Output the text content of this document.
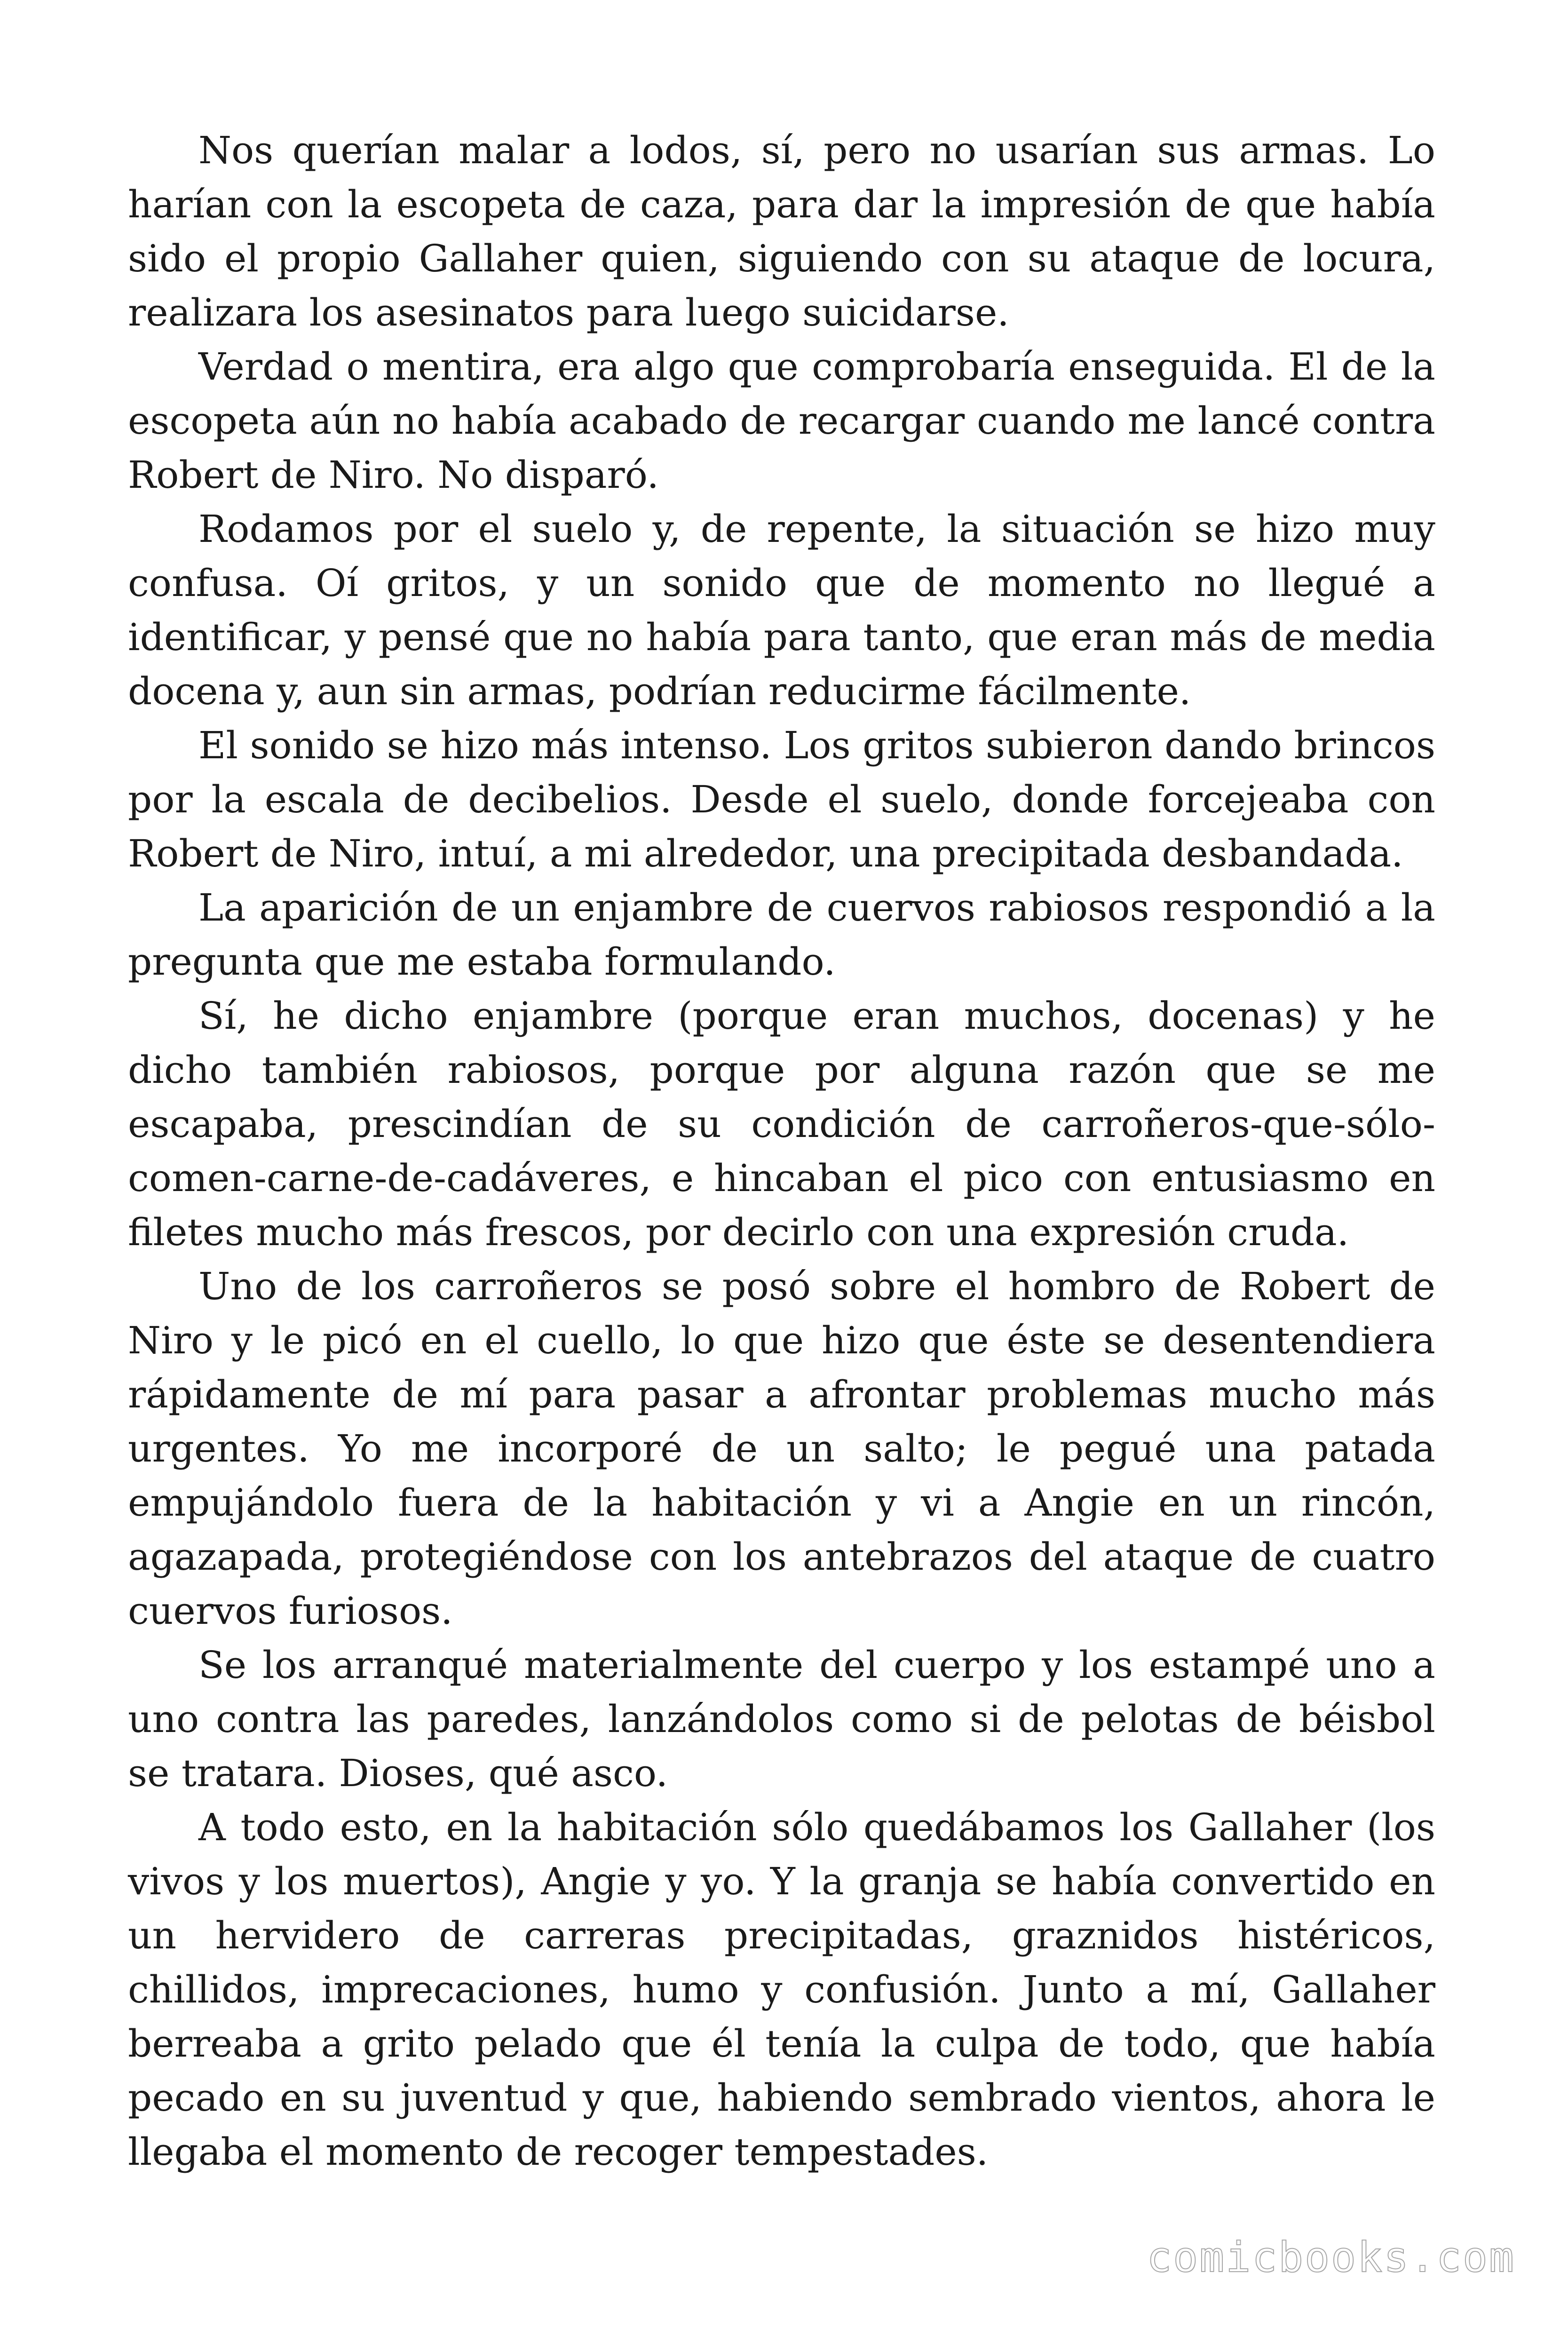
Nos querían malar a lodos, sí, pero no usarían sus armas. Lo harían con la escopeta de caza, para dar la impresión de que había sido el propio Gallaher quien, siguiendo con su ataque de locura, realizara los asesinatos para luego suicidarse.

Verdad o mentira, era algo que comprobaría enseguida. El de la escopeta aún no había acabado de recargar cuando me lancé contra Robert de Niro. No disparó.

Rodamos por el suelo y, de repente, la situación se hizo muy confusa. Oí gritos, y un sonido que de momento no llegué a identificar, y pensé que no había para tanto, que eran más de media docena y, aun sin armas, podrían reducirme fácilmente.

El sonido se hizo más intenso. Los gritos subieron dando brincos por la escala de decibelios. Desde el suelo, donde forcejeaba con Robert de Niro, intuí, a mi alrededor, una precipitada desbandada.

La aparición de un enjambre de cuervos rabiosos respondió a la pregunta que me estaba formulando.

Sí, he dicho enjambre (porque eran muchos, docenas) y he dicho también rabiosos, porque por alguna razón que se me escapaba, prescindían de su condición de carroñeros-que-sólo-comen-carne-de-cadáveres, e hincaban el pico con entusiasmo en filetes mucho más frescos, por decirlo con una expresión cruda.

Uno de los carroñeros se posó sobre el hombro de Robert de Niro y le picó en el cuello, lo que hizo que éste se desentendiera rápidamente de mí para pasar a afrontar problemas mucho más urgentes. Yo me incorporé de un salto; le pegué una patada empujándolo fuera de la habitación y vi a Angie en un rincón, agazapada, protegiéndose con los antebrazos del ataque de cuatro cuervos furiosos.

Se los arranqué materialmente del cuerpo y los estampé uno a uno contra las paredes, lanzándolos como si de pelotas de béisbol se tratara. Dioses, qué asco.

A todo esto, en la habitación sólo quedábamos los Gallaher (los vivos y los muertos), Angie y yo. Y la granja se había convertido en un hervidero de carreras precipitadas, graznidos histéricos, chillidos, imprecaciones, humo y confusión. Junto a mí, Gallaher berreaba a grito pelado que él tenía la culpa de todo, que había pecado en su juventud y que, habiendo sembrado vientos, ahora le llegaba el momento de recoger tempestades.

comicbooks.com
